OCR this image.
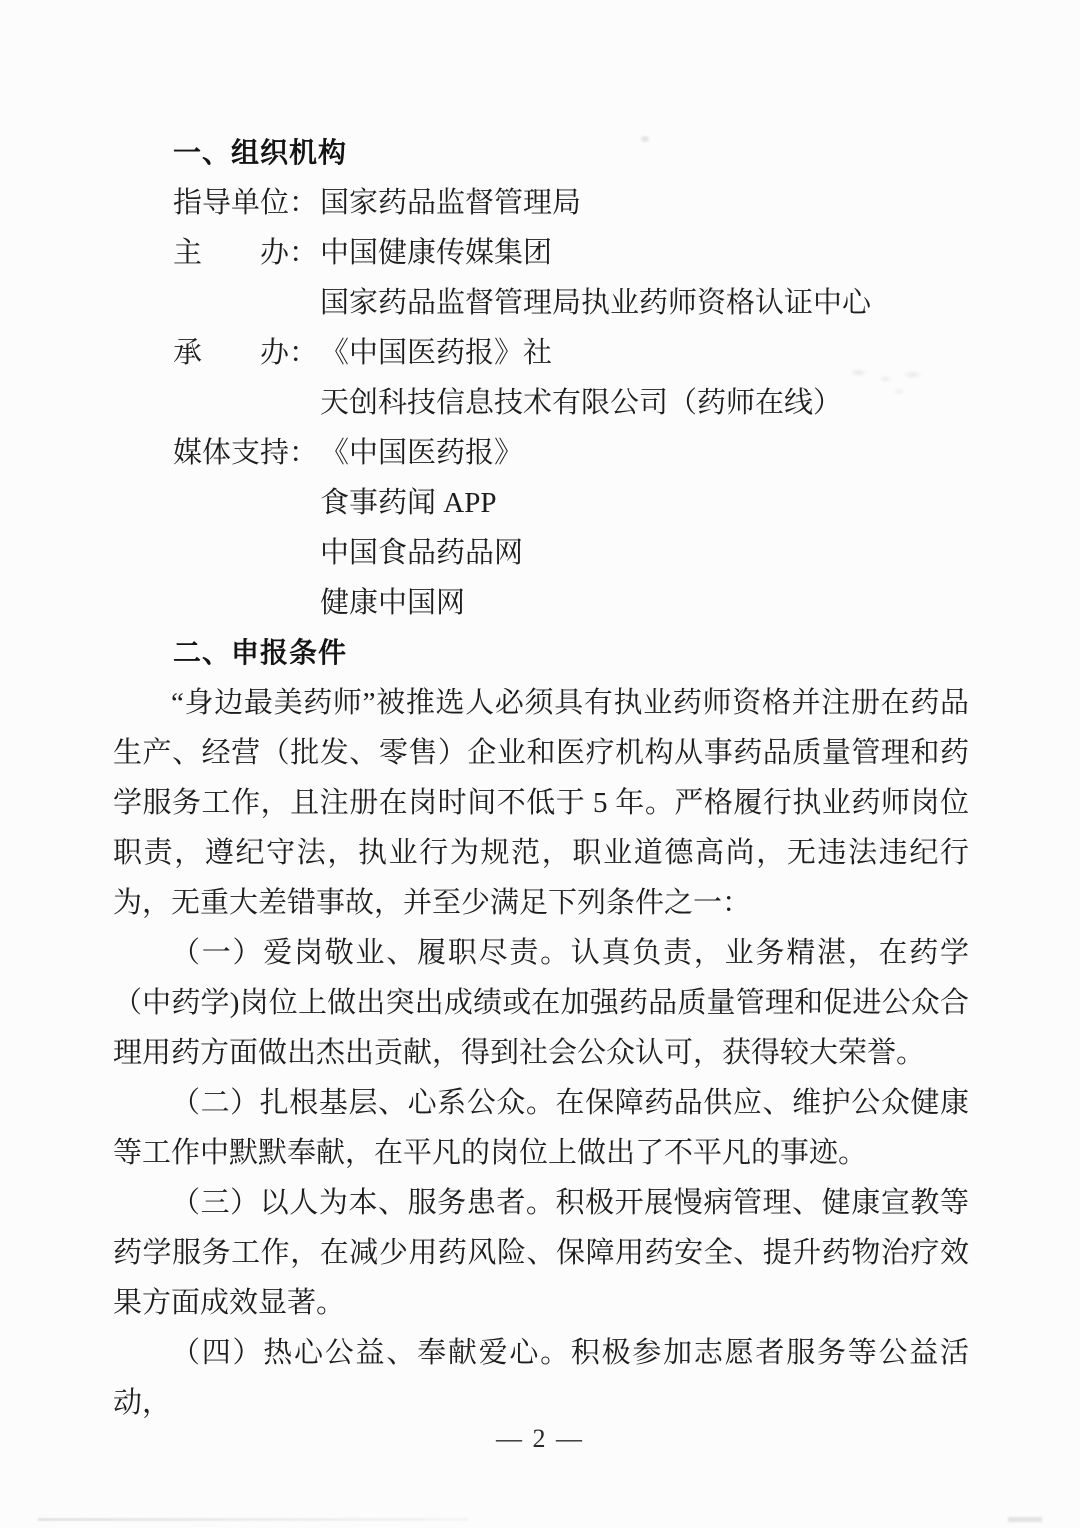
一、组织机构
指导单位： 国家药品监督管理局
主　　办： 中国健康传媒集团
国家药品监督管理局执业药师资格认证中心
承　　办： 《中国医药报》社
天创科技信息技术有限公司（药师在线）
媒体支持： 《中国医药报》
食事药闻 APP
中国食品药品网
健康中国网
二、申报条件

“身边最美药师”被推选人必须具有执业药师资格并注册在药品生产、经营（批发、零售）企业和医疗机构从事药品质量管理和药学服务工作，且注册在岗时间不低于 5 年。严格履行执业药师岗位职责，遵纪守法，执业行为规范，职业道德高尚，无违法违纪行为，无重大差错事故，并至少满足下列条件之一：

（一）爱岗敬业、履职尽责。认真负责，业务精湛，在药学（中药学)岗位上做出突出成绩或在加强药品质量管理和促进公众合理用药方面做出杰出贡献，得到社会公众认可，获得较大荣誉。

（二）扎根基层、心系公众。在保障药品供应、维护公众健康等工作中默默奉献，在平凡的岗位上做出了不平凡的事迹。

（三）以人为本、服务患者。积极开展慢病管理、健康宣教等药学服务工作，在减少用药风险、保障用药安全、提升药物治疗效果方面成效显著。

（四）热心公益、奉献爱心。积极参加志愿者服务等公益活动，

— 2 —
